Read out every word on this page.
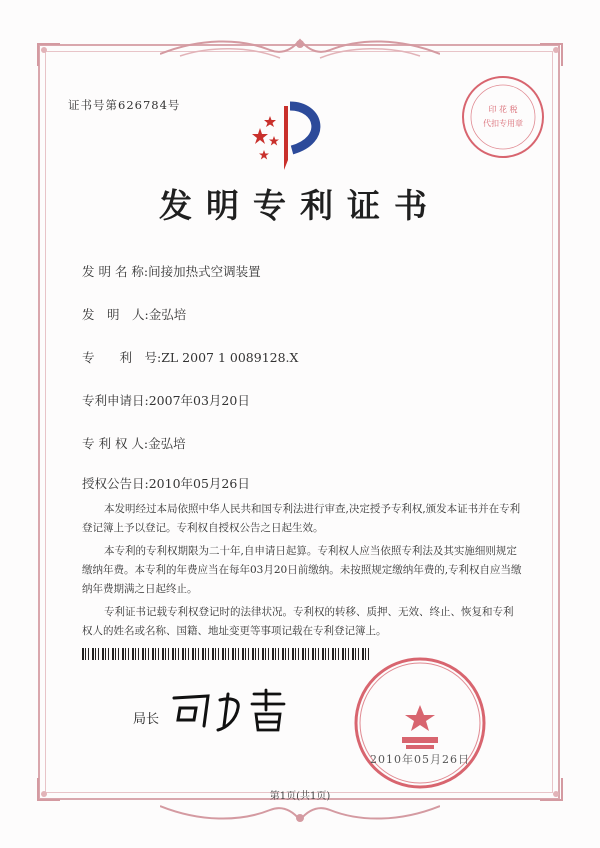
证书号第626784号	印 花 税
代扣专用章
发明专利证书
发 明 名 称:间接加热式空调装置
发　明　人:金弘培
专　　利　号:ZL 2007 1 0089128.X
专利申请日:2007年03月20日
专 利 权 人:金弘培
授权公告日:2010年05月26日

本发明经过本局依照中华人民共和国专利法进行审查,决定授予专利权,颁发本证书并在专利登记簿上予以登记。专利权自授权公告之日起生效。

本专利的专利权期限为二十年,自申请日起算。专利权人应当依照专利法及其实施细则规定缴纳年费。本专利的年费应当在每年03月20日前缴纳。未按照规定缴纳年费的,专利权自应当缴纳年费期满之日起终止。

专利证书记载专利权登记时的法律状况。专利权的转移、质押、无效、终止、恢复和专利权人的姓名或名称、国籍、地址变更等事项记载在专利登记簿上。

局长
2010年05月26日
第1页(共1页)
